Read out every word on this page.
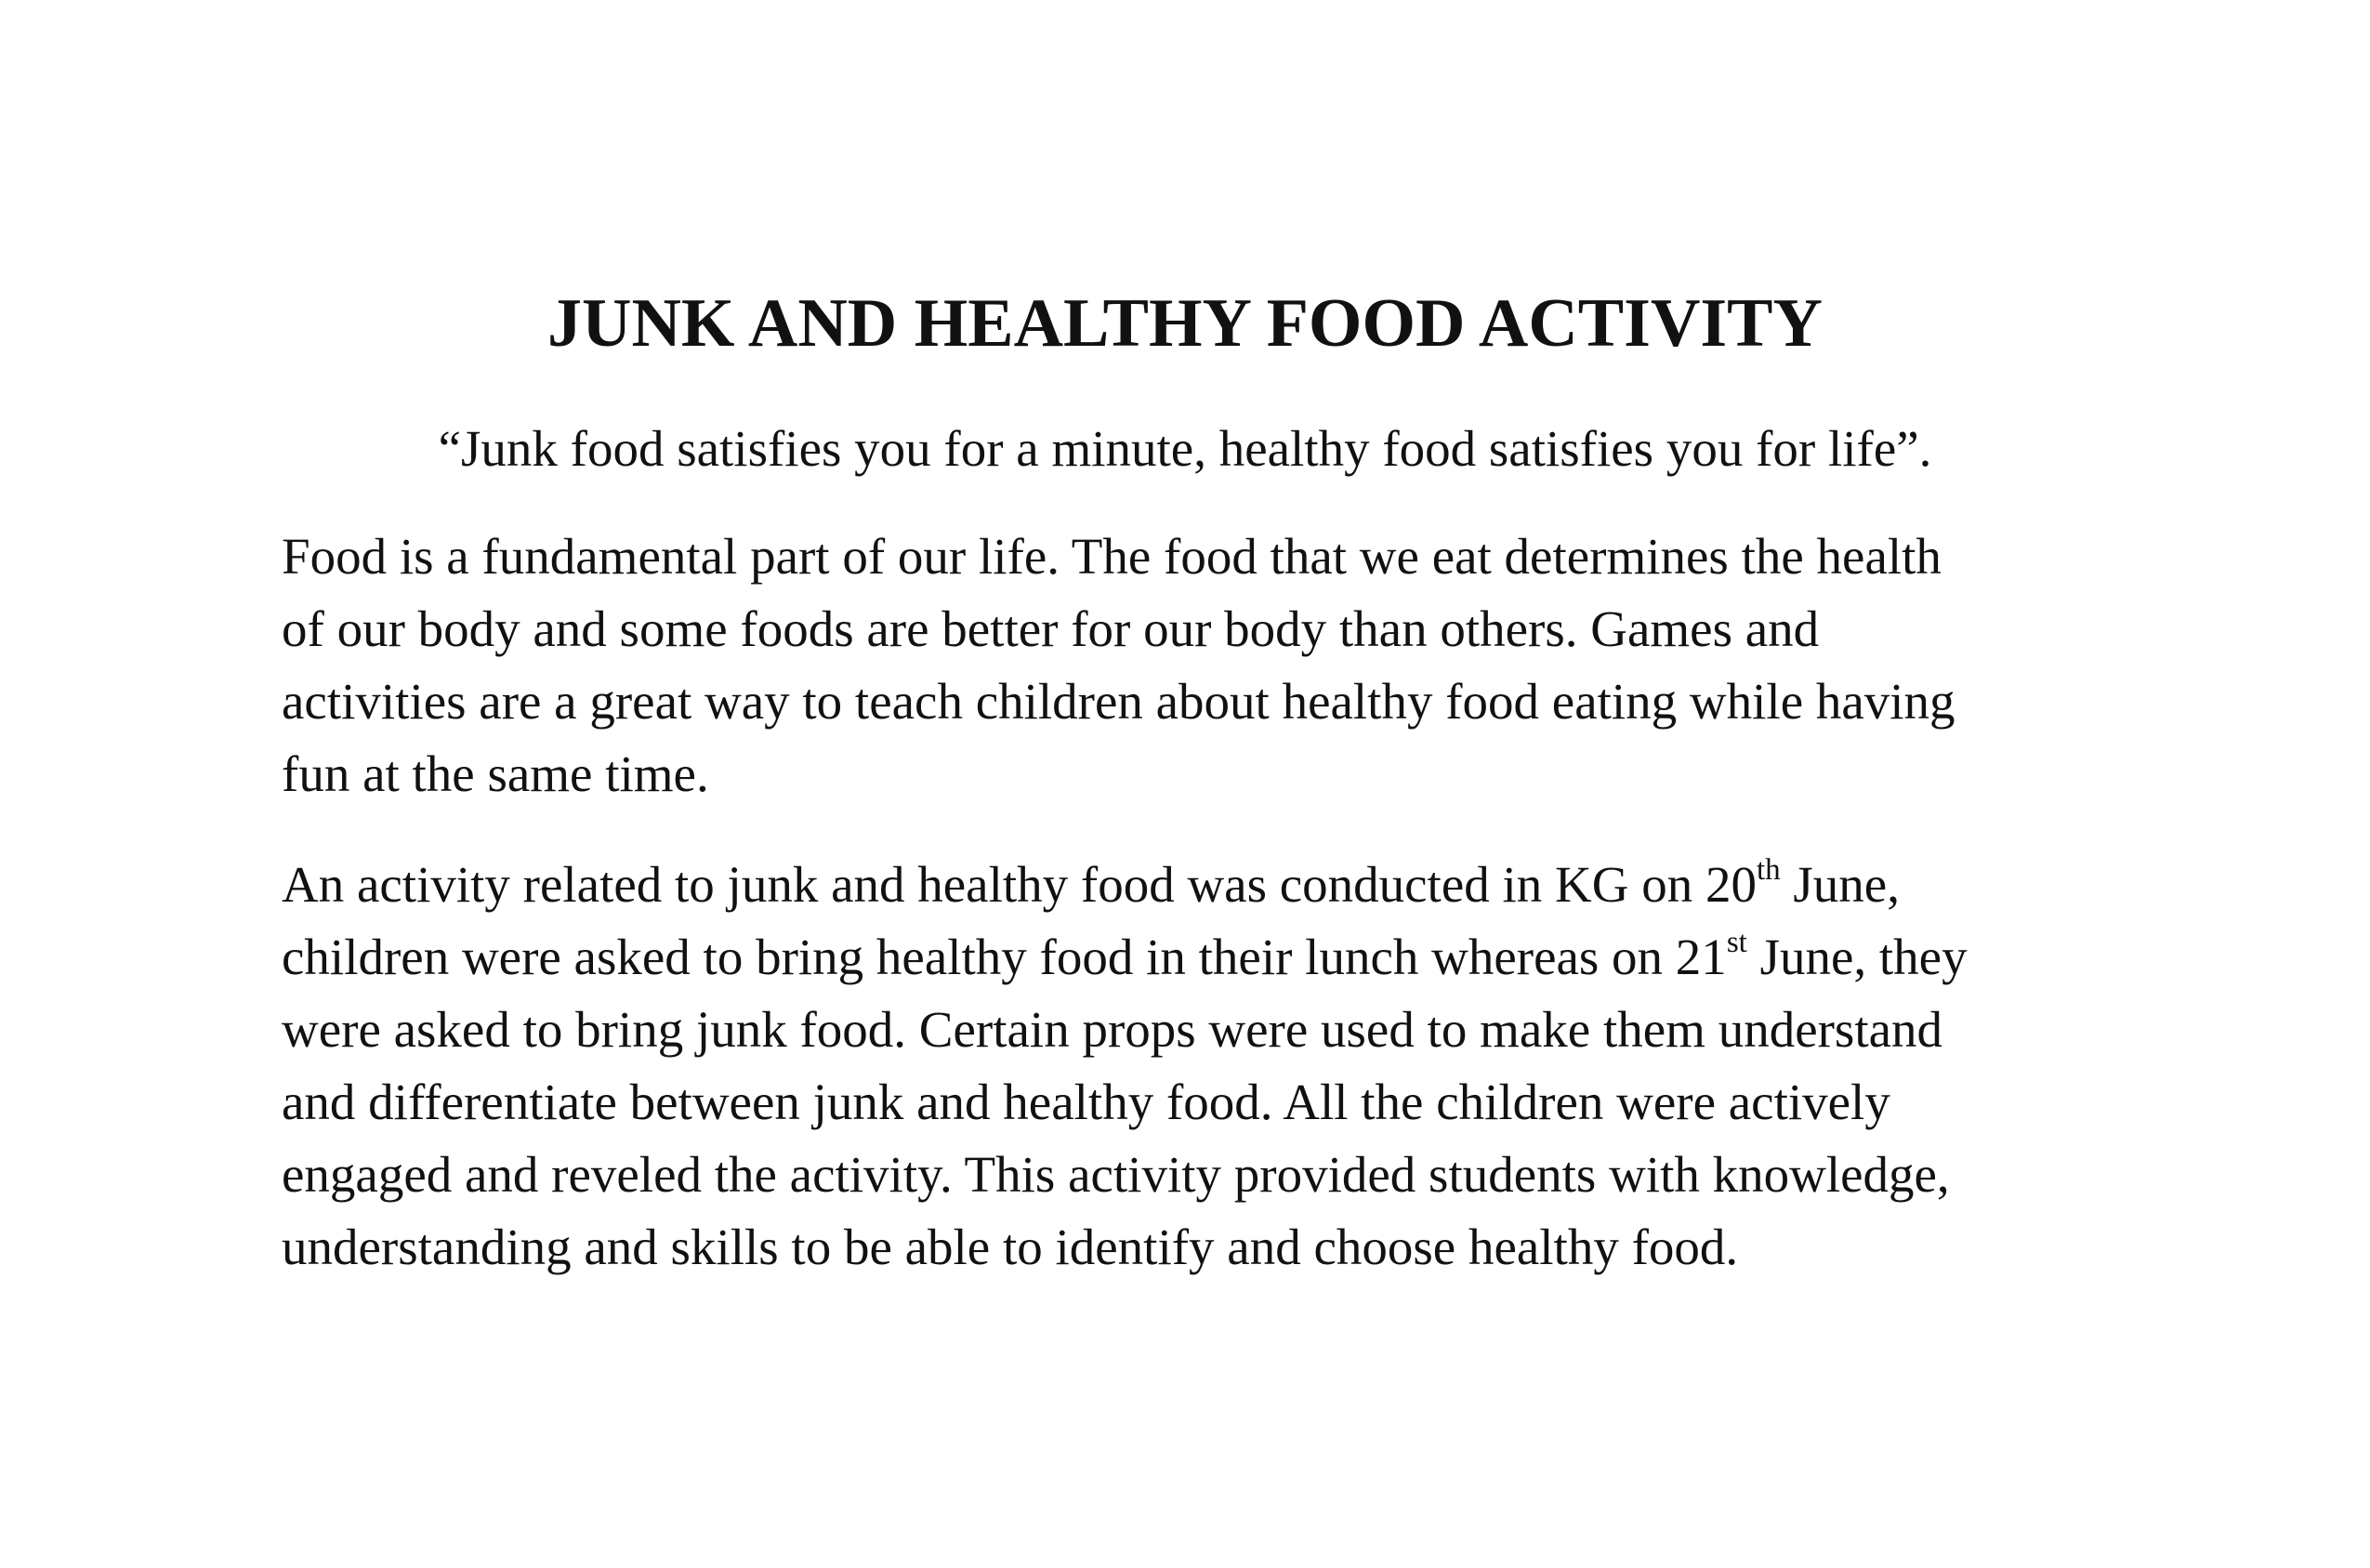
JUNK AND HEALTHY FOOD ACTIVITY

“Junk food satisfies you for a minute, healthy food satisfies you for life”.

Food is a fundamental part of our life. The food that we eat determines the health
of our body and some foods are better for our body than others. Games and
activities are a great way to teach children about healthy food eating while having
fun at the same time.

An activity related to junk and healthy food was conducted in KG on 20th June,
children were asked to bring healthy food in their lunch whereas on 21st June, they
were asked to bring junk food. Certain props were used to make them understand
and differentiate between junk and healthy food. All the children were actively
engaged and reveled the activity. This activity provided students with knowledge,
understanding and skills to be able to identify and choose healthy food.
